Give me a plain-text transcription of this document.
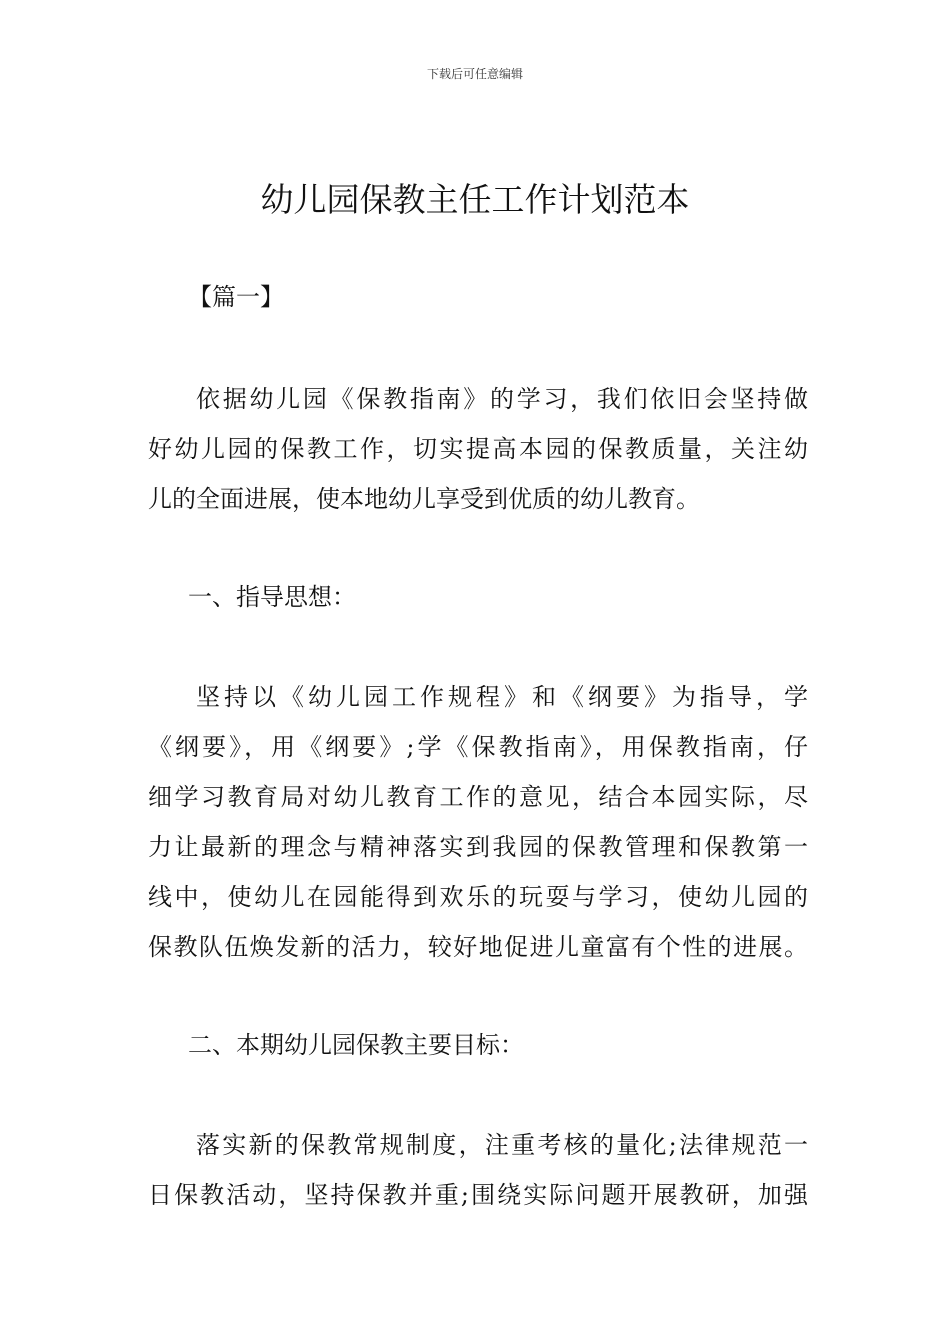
下载后可任意编辑
幼儿园保教主任工作计划范本
【篇一】
依据幼儿园《保教指南》的学习，我们依旧会坚持做
好幼儿园的保教工作，切实提高本园的保教质量，关注幼
儿的全面进展，使本地幼儿享受到优质的幼儿教育。
一、指导思想：
坚持以《幼儿园工作规程》和《纲要》为指导，学
《纲要》，用《纲要》;学《保教指南》，用保教指南，仔
细学习教育局对幼儿教育工作的意见，结合本园实际，尽
力让最新的理念与精神落实到我园的保教管理和保教第一
线中，使幼儿在园能得到欢乐的玩耍与学习，使幼儿园的
保教队伍焕发新的活力，较好地促进儿童富有个性的进展。
二、本期幼儿园保教主要目标：
落实新的保教常规制度，注重考核的量化;法律规范一
日保教活动，坚持保教并重;围绕实际问题开展教研，加强
